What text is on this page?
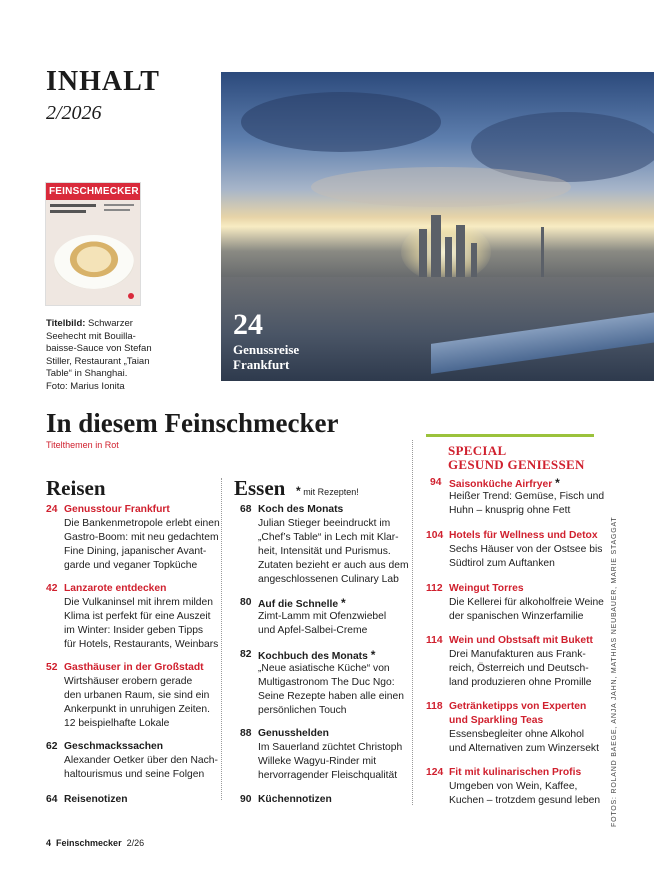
INHALT
2/2026
FEINSCHMECKER
Titelbild: Schwarzer
Seehecht mit Bouilla-
baisse-Sauce von Stefan
Stiller, Restaurant „Taian
Table“ in Shanghai.
Foto: Marius Ionita
24
Genussreise
Frankfurt
In diesem Feinschmecker
Titelthemen in Rot
Reisen	Essen * mit Rezepten!
SPECIAL
GESUND GENIESSEN
24 Genusstour Frankfurt
Die Bankenmetropole erlebt einen
Gastro-Boom: mit neu gedachtem
Fine Dining, japanischer Avant-
garde und veganer Topküche
42 Lanzarote entdecken
Die Vulkaninsel mit ihrem milden
Klima ist perfekt für eine Auszeit
im Winter: Insider geben Tipps
für Hotels, Restaurants, Weinbars
52 Gasthäuser in der Großstadt
Wirtshäuser erobern gerade
den urbanen Raum, sie sind ein
Ankerpunkt in unruhigen Zeiten.
12 beispielhafte Lokale
62 Geschmackssachen
Alexander Oetker über den Nach-
haltourismus und seine Folgen
64 Reisenotizen
68 Koch des Monats
Julian Stieger beeindruckt im
„Chef’s Table“ in Lech mit Klar-
heit, Intensität und Purismus.
Zutaten bezieht er auch aus dem
angeschlossenen Culinary Lab
80 Auf die Schnelle *
Zimt-Lamm mit Ofenzwiebel
und Apfel-Salbei-Creme
82 Kochbuch des Monats *
„Neue asiatische Küche“ von
Multigastronom The Duc Ngo:
Seine Rezepte haben alle einen
persönlichen Touch
88 Genusshelden
Im Sauerland züchtet Christoph
Willeke Wagyu-Rinder mit
hervorragender Fleischqualität
90 Küchennotizen
94 Saisonküche Airfryer *
Heißer Trend: Gemüse, Fisch und
Huhn – knusprig ohne Fett
104 Hotels für Wellness und Detox
Sechs Häuser von der Ostsee bis
Südtirol zum Auftanken
112 Weingut Torres
Die Kellerei für alkoholfreie Weine
der spanischen Winzerfamilie
114 Wein und Obstsaft mit Bukett
Drei Manufakturen aus Frank-
reich, Österreich und Deutsch-
land produzieren ohne Promille
118 Getränketipps von Experten
und Sparkling Teas
Essensbegleiter ohne Alkohol
und Alternativen zum Winzersekt
124 Fit mit kulinarischen Profis
Umgeben von Wein, Kaffee,
Kuchen – trotzdem gesund leben FOTOS: ROLAND BAEGE, ANJA JAHN, MATHIAS NEUBAUER, MARIE STAGGAT
4 Feinschmecker 2/26
